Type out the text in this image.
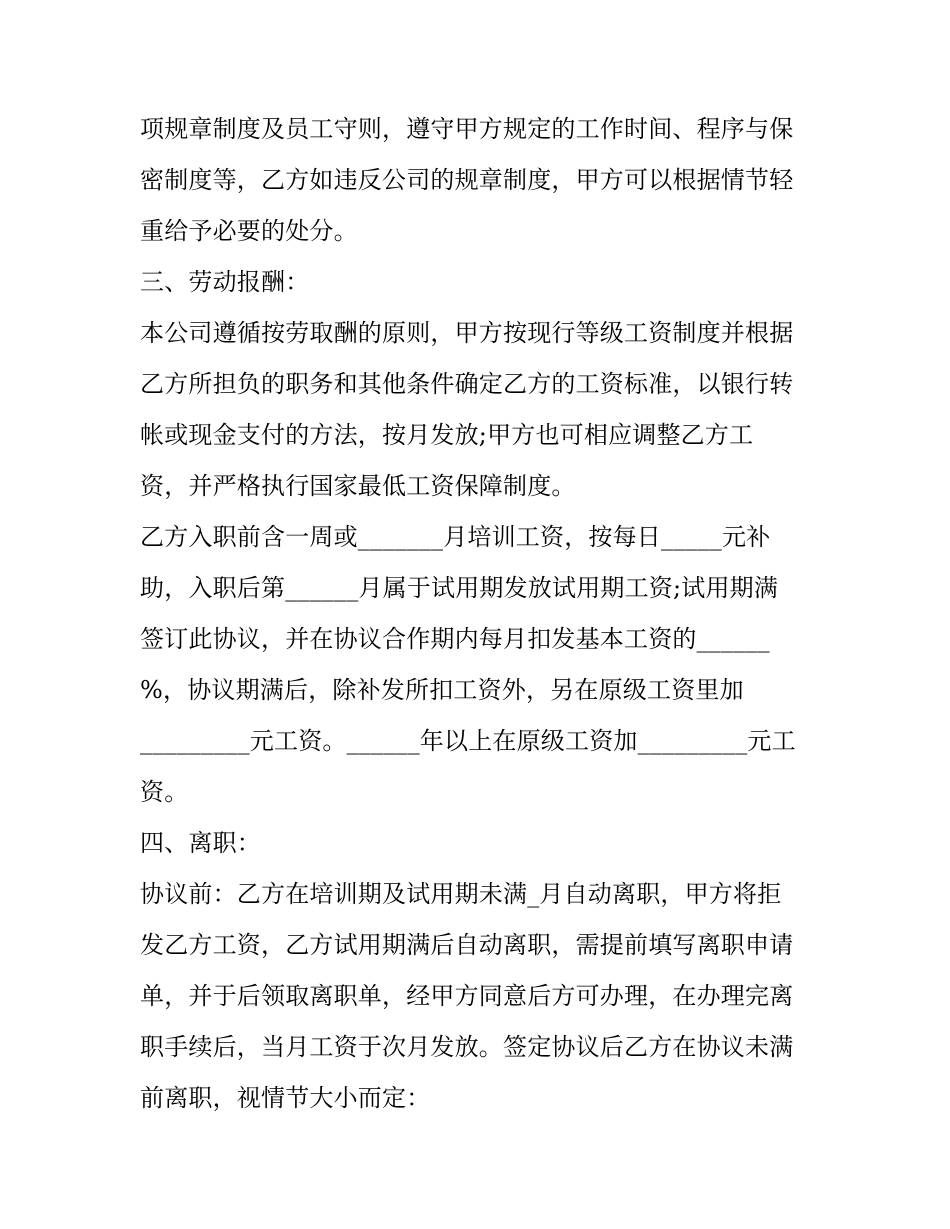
项规章制度及员工守则，遵守甲方规定的工作时间、程序与保
密制度等，乙方如违反公司的规章制度，甲方可以根据情节轻
重给予必要的处分。
三、劳动报酬：
本公司遵循按劳取酬的原则，甲方按现行等级工资制度并根据
乙方所担负的职务和其他条件确定乙方的工资标准，以银行转
帐或现金支付的方法，按月发放;甲方也可相应调整乙方工
资，并严格执行国家最低工资保障制度。
乙方入职前含一周或_______月培训工资，按每日_____元补
助，入职后第______月属于试用期发放试用期工资;试用期满
签订此协议，并在协议合作期内每月扣发基本工资的______
%，协议期满后，除补发所扣工资外，另在原级工资里加
_________元工资。______年以上在原级工资加_________元工
资。
四、离职：
协议前：乙方在培训期及试用期未满_月自动离职，甲方将拒
发乙方工资，乙方试用期满后自动离职，需提前填写离职申请
单，并于后领取离职单，经甲方同意后方可办理，在办理完离
职手续后，当月工资于次月发放。签定协议后乙方在协议未满
前离职，视情节大小而定：
